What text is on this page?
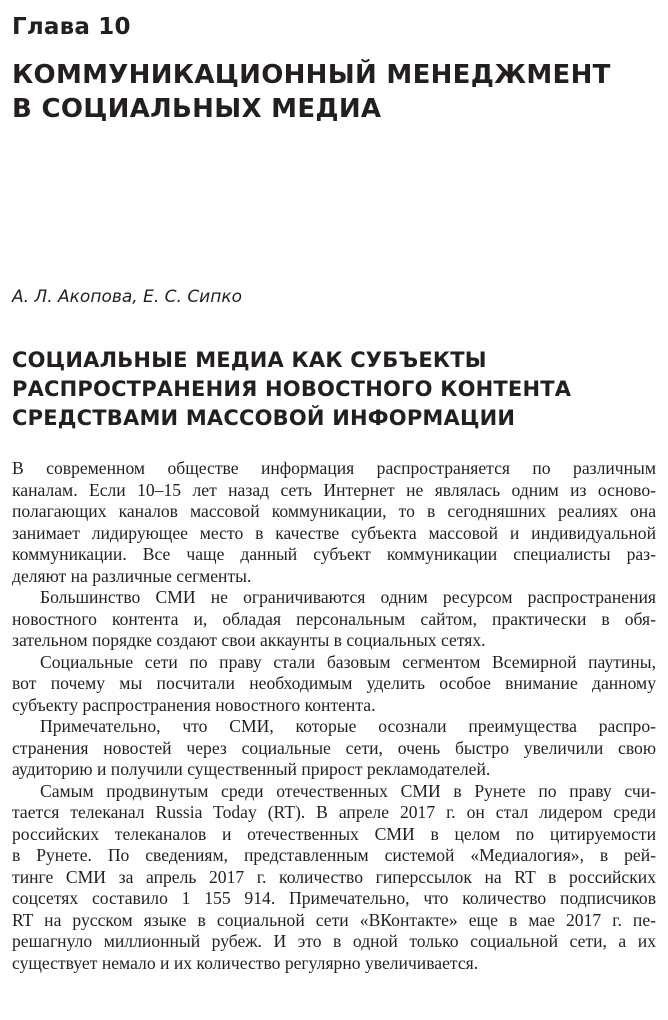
Глава 10
КОММУНИКАЦИОННЫЙ МЕНЕДЖМЕНТ
В СОЦИАЛЬНЫХ МЕДИА
А. Л. Акопова, Е. С. Сипко
СОЦИАЛЬНЫЕ МЕДИА КАК СУБЪЕКТЫ
РАСПРОСТРАНЕНИЯ НОВОСТНОГО КОНТЕНТА
СРЕДСТВАМИ МАССОВОЙ ИНФОРМАЦИИ
В современном обществе информация распространяется по различным
каналам. Если 10–15 лет назад сеть Интернет не являлась одним из осново-
полагающих каналов массовой коммуникации, то в сегодняшних реалиях она
занимает лидирующее место в качестве субъекта массовой и индивидуальной
коммуникации. Все чаще данный субъект коммуникации специалисты раз-
деляют на различные сегменты.
Большинство СМИ не ограничиваются одним ресурсом распространения
новостного контента и, обладая персональным сайтом, практически в обя-
зательном порядке создают свои аккаунты в социальных сетях.
Социальные сети по праву стали базовым сегментом Всемирной паутины,
вот почему мы посчитали необходимым уделить особое внимание данному
субъекту распространения новостного контента.
Примечательно, что СМИ, которые осознали преимущества распро-
странения новостей через социальные сети, очень быстро увеличили свою
аудиторию и получили существенный прирост рекламодателей.
Самым продвинутым среди отечественных СМИ в Рунете по праву счи-
тается телеканал Russia Today (RT). В апреле 2017 г. он стал лидером среди
российских телеканалов и отечественных СМИ в целом по цитируемости
в Рунете. По сведениям, представленным системой «Медиалогия», в рей-
тинге СМИ за апрель 2017 г. количество гиперссылок на RT в российских
соцсетях составило 1 155 914. Примечательно, что количество подписчиков
RT на русском языке в социальной сети «ВКонтакте» еще в мае 2017 г. пе-
решагнуло миллионный рубеж. И это в одной только социальной сети, а их
существует немало и их количество регулярно увеличивается.
